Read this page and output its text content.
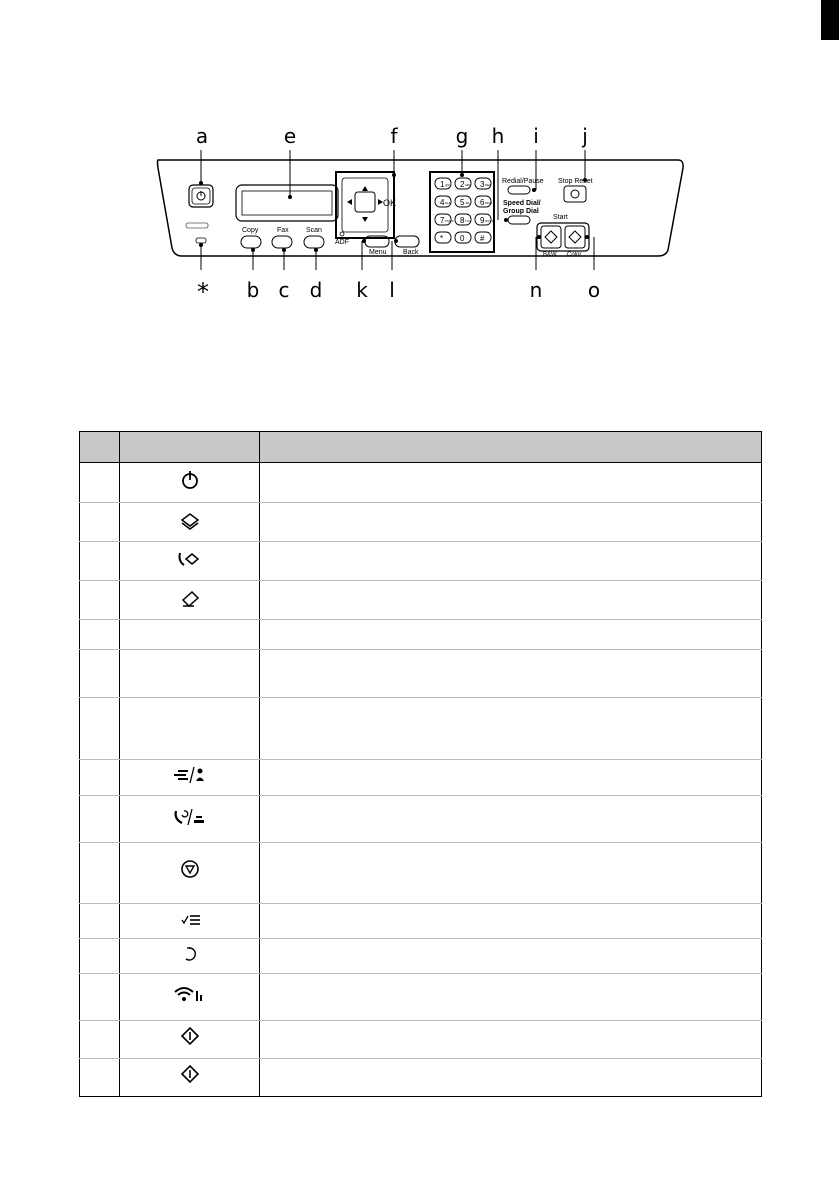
a	e	f	g h i j
* b c d k l	n o
1 @# 2 ABC 3 DEF
4 GHI 5 JKL 6 MNO
7 PQRS 8 TUV 9 WXYZ
* 0 #
Copy	Fax Scan
ADF
Menu Back
OK
Redial/Pause
Speed Dial/
Group Dial
Stop Reset
Start
B&W Color
